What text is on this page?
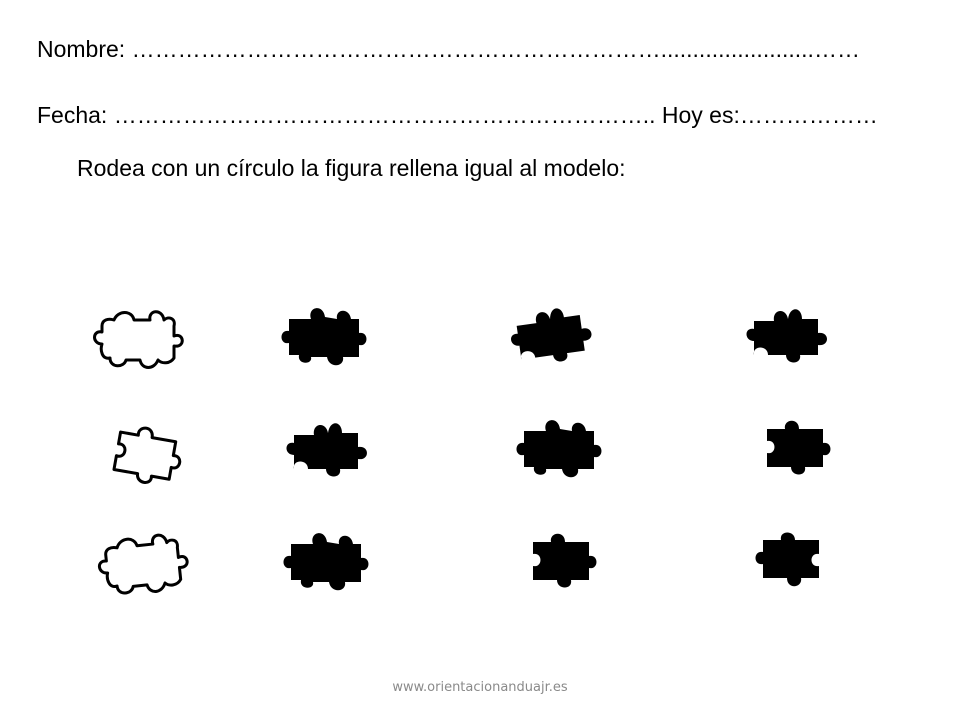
Nombre: ……………………………………………………………........................……
Fecha: …………………………………………………………….. Hoy es:………………
Rodea con un círculo la figura rellena igual al modelo:
www.orientacionanduajr.es
